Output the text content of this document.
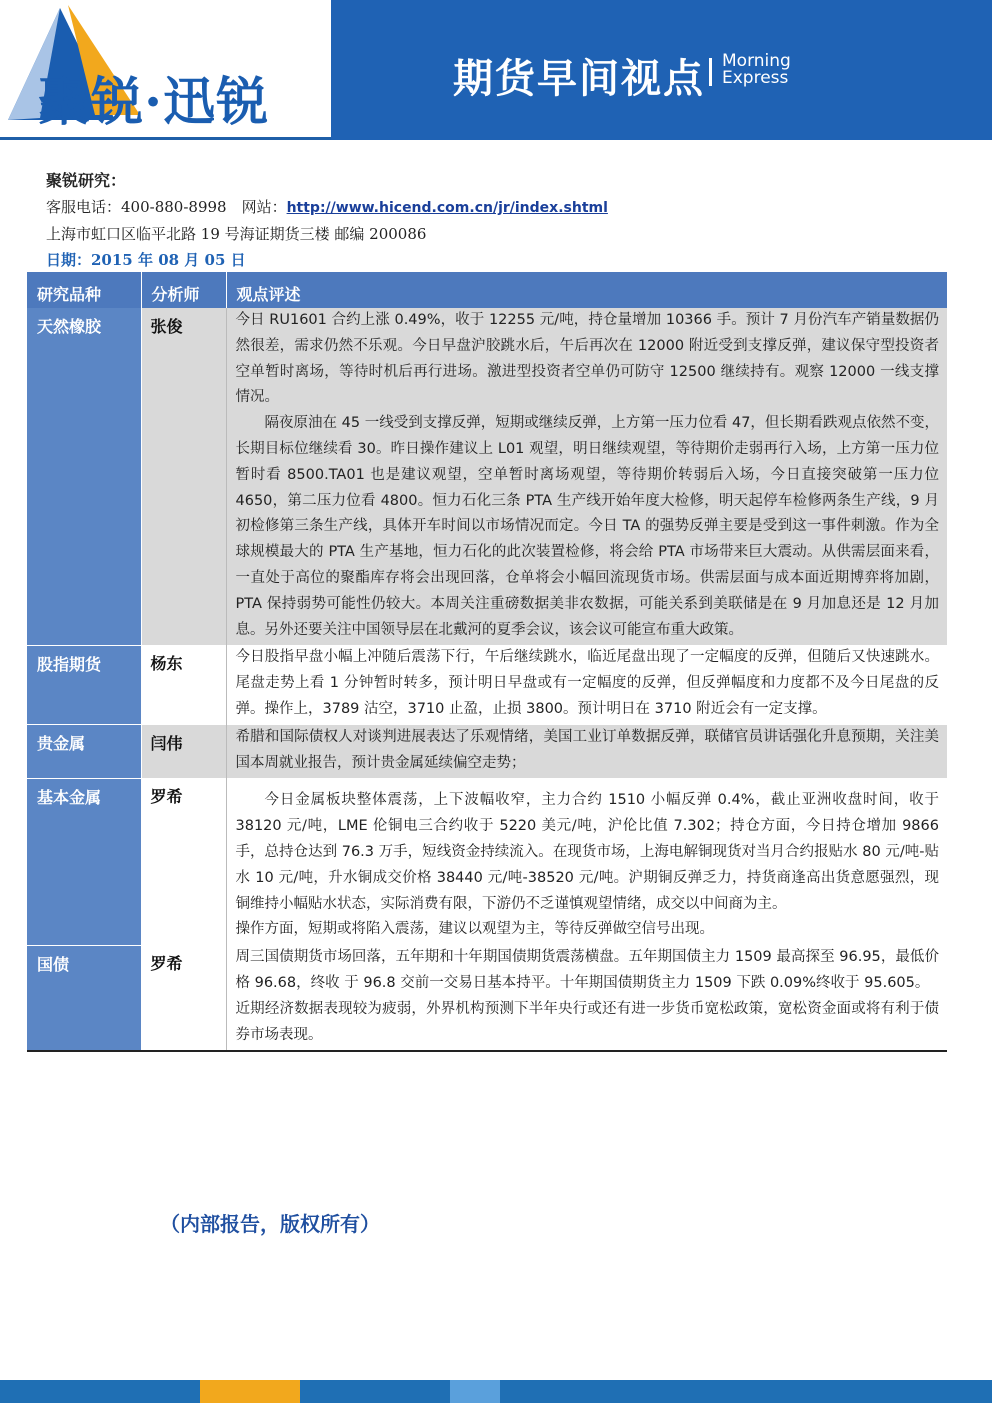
聚锐·迅锐	期货早间视点 Morning
Express
聚锐研究：
客服电话：400-880-8998　网站：http://www.hicend.com.cn/jr/index.shtml
上海市虹口区临平北路 19 号海证期货三楼 邮编 200086
日期：2015 年 08 月 05 日
研究品种	分析师	观点评述
天然橡胶	张俊	今日 RU1601 合约上涨 0.49%，收于 12255 元/吨，持仓量增加 10366 手。预计 7 月份汽车产销量数据仍然很差，需求仍然不乐观。今日早盘沪胶跳水后，午后再次在 12000 附近受到支撑反弹，建议保守型投资者空单暂时离场，等待时机后再行进场。激进型投资者空单仍可防守 12500 继续持有。观察 12000 一线支撑情况。

隔夜原油在 45 一线受到支撑反弹，短期或继续反弹，上方第一压力位看 47，但长期看跌观点依然不变，长期目标位继续看 30。昨日操作建议上 L01 观望，明日继续观望，等待期价走弱再行入场，上方第一压力位暂时看 8500.TA01 也是建议观望，空单暂时离场观望，等待期价转弱后入场，今日直接突破第一压力位 4650，第二压力位看 4800。恒力石化三条 PTA 生产线开始年度大检修，明天起停车检修两条生产线，9 月初检修第三条生产线，具体开车时间以市场情况而定。今日 TA 的强势反弹主要是受到这一事件刺激。作为全球规模最大的 PTA 生产基地，恒力石化的此次装置检修，将会给 PTA 市场带来巨大震动。从供需层面来看，一直处于高位的聚酯库存将会出现回落，仓单将会小幅回流现货市场。供需层面与成本面近期博弈将加剧，PTA 保持弱势可能性仍较大。本周关注重磅数据美非农数据，可能关系到美联储是在 9 月加息还是 12 月加息。另外还要关注中国领导层在北戴河的夏季会议，该会议可能宣布重大政策。

股指期货	杨东	今日股指早盘小幅上冲随后震荡下行，午后继续跳水，临近尾盘出现了一定幅度的反弹，但随后又快速跳水。尾盘走势上看 1 分钟暂时转多，预计明日早盘或有一定幅度的反弹，但反弹幅度和力度都不及今日尾盘的反弹。操作上，3789 沽空，3710 止盈，止损 3800。预计明日在 3710 附近会有一定支撑。

贵金属	闫伟	希腊和国际债权人对谈判进展表达了乐观情绪，美国工业订单数据反弹，联储官员讲话强化升息预期，关注美国本周就业报告，预计贵金属延续偏空走势；

基本金属	罗希	今日金属板块整体震荡，上下波幅收窄，主力合约 1510 小幅反弹 0.4%，截止亚洲收盘时间，收于 38120 元/吨，LME 伦铜电三合约收于 5220 美元/吨，沪伦比值 7.302；持仓方面，今日持仓增加 9866 手，总持仓达到 76.3 万手，短线资金持续流入。在现货市场，上海电解铜现货对当月合约报贴水 80 元/吨-贴水 10 元/吨，升水铜成交价格 38440 元/吨-38520 元/吨。沪期铜反弹乏力，持货商逢高出货意愿强烈，现铜维持小幅贴水状态，实际消费有限，下游仍不乏谨慎观望情绪，成交以中间商为主。

操作方面，短期或将陷入震荡，建议以观望为主，等待反弹做空信号出现。

国债	罗希	周三国债期货市场回落，五年期和十年期国债期货震荡横盘。五年期国债主力 1509 最高探至 96.95，最低价格 96.68，终收 于 96.8 交前一交易日基本持平。十年期国债期货主力 1509 下跌 0.09%终收于 95.605。

近期经济数据表现较为疲弱，外界机构预测下半年央行或还有进一步货币宽松政策，宽松资金面或将有利于债券市场表现。

（内部报告，版权所有）
